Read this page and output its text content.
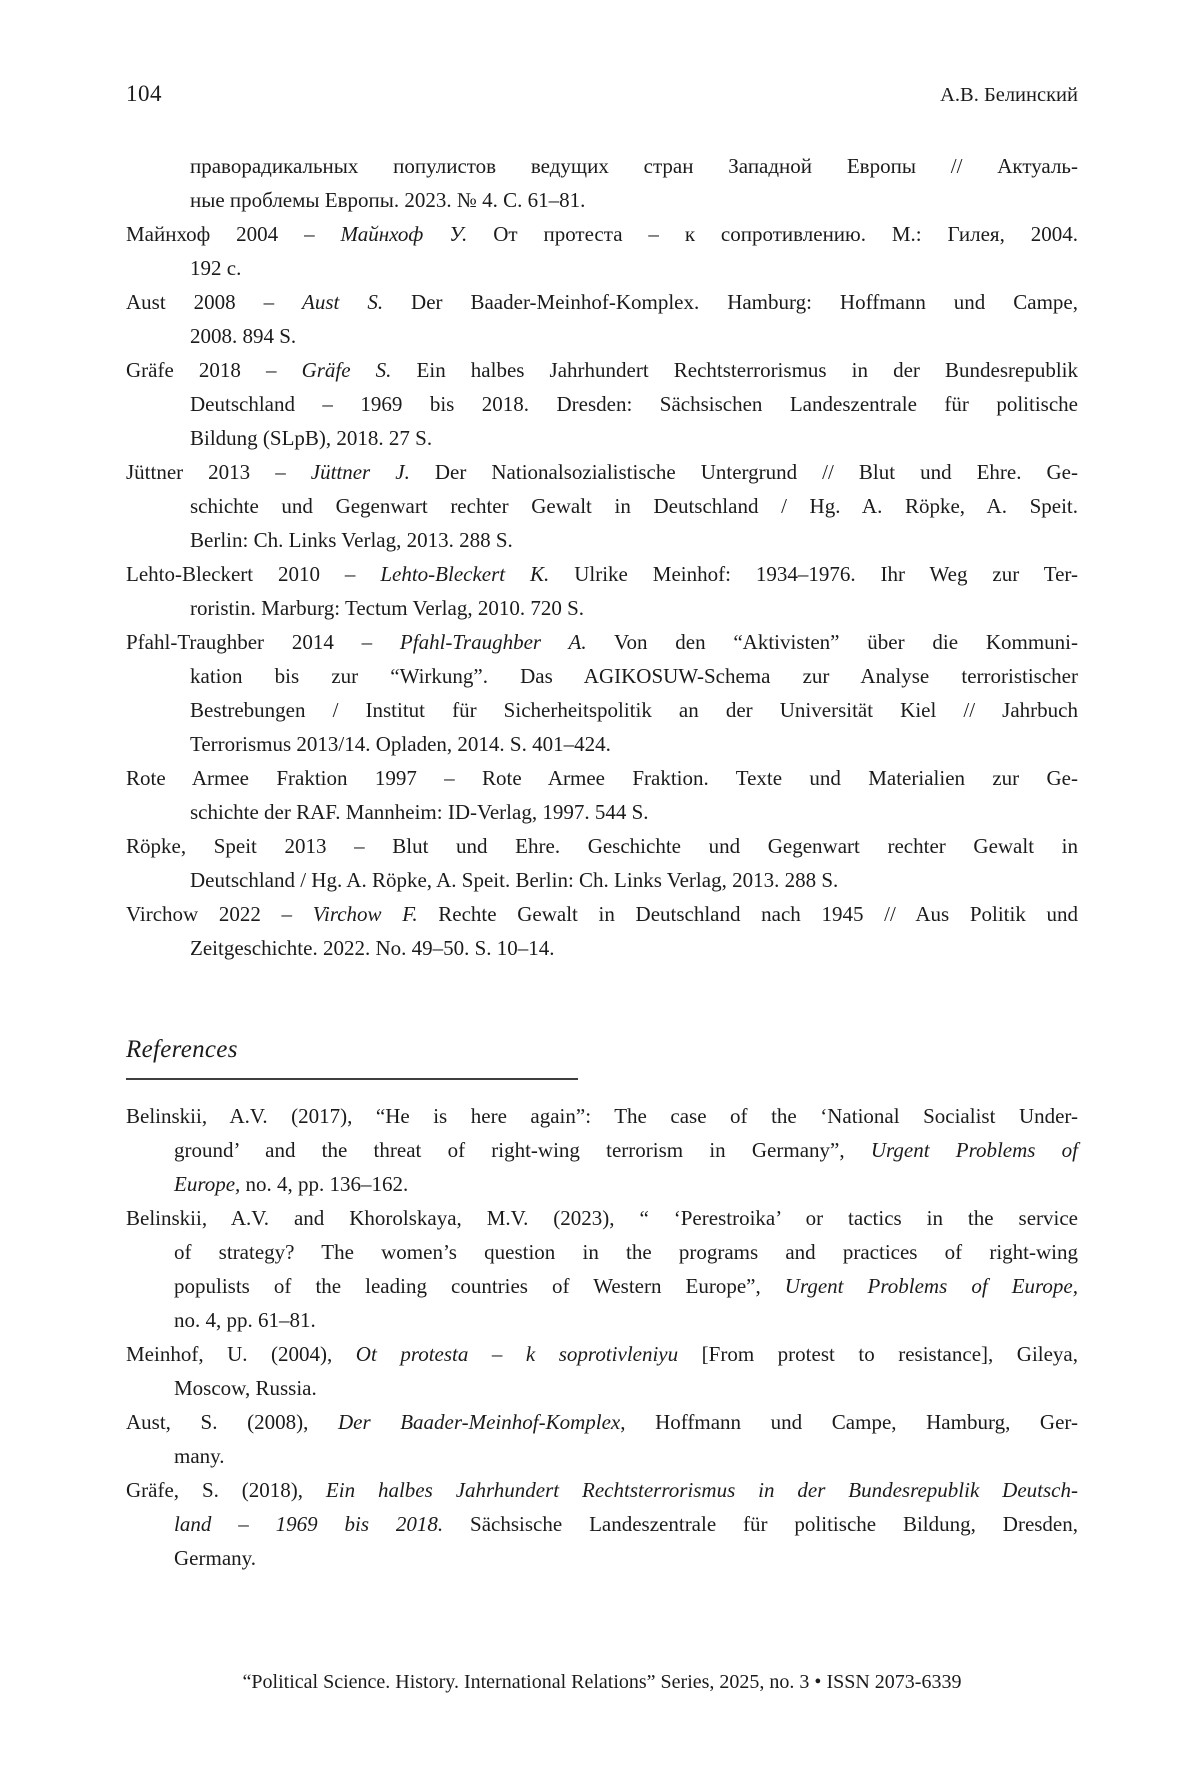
104	А.В. Белинский
праворадикальных популистов ведущих стран Западной Европы // Актуаль-
ные проблемы Европы. 2023. № 4. С. 61–81.
Майнхоф 2004 – Майнхоф У. От протеста – к сопротивлению. М.: Гилея, 2004.
192 с.
Aust 2008 – Aust S. Der Baader-Meinhof-Komplex. Hamburg: Hoffmann und Campe,
2008. 894 S.
Gräfe 2018 – Gräfe S. Ein halbes Jahrhundert Rechtsterrorismus in der Bundesrepublik
Deutschland – 1969 bis 2018. Dresden: Sächsischen Landeszentrale für politische
Bildung (SLpB), 2018. 27 S.
Jüttner 2013 – Jüttner J. Der Nationalsozialistische Untergrund // Blut und Ehre. Ge-
schichte und Gegenwart rechter Gewalt in Deutschland / Hg. A. Röpke, A. Speit.
Berlin: Ch. Links Verlag, 2013. 288 S.
Lehto-Bleckert 2010 – Lehto-Bleckert K. Ulrike Meinhof: 1934–1976. Ihr Weg zur Ter-
roristin. Marburg: Tectum Verlag, 2010. 720 S.
Pfahl-Traughber 2014 – Pfahl-Traughber A. Von den “Aktivisten” über die Kommuni-
kation bis zur “Wirkung”. Das AGIKOSUW-Schema zur Analyse terroristischer
Bestrebungen / Institut für Sicherheitspolitik an der Universität Kiel // Jahrbuch
Terrorismus 2013/14. Opladen, 2014. S. 401–424.
Rote Armee Fraktion 1997 – Rote Armee Fraktion. Texte und Materialien zur Ge-
schichte der RAF. Mannheim: ID-Verlag, 1997. 544 S.
Röpke, Speit 2013 – Blut und Ehre. Geschichte und Gegenwart rechter Gewalt in
Deutschland / Hg. A. Röpke, A. Speit. Berlin: Ch. Links Verlag, 2013. 288 S.
Virchow 2022 – Virchow F. Rechte Gewalt in Deutschland nach 1945 // Aus Politik und
Zeitgeschichte. 2022. No. 49–50. S. 10–14.
References
Belinskii, A.V. (2017), “He is here again”: The case of the ‘National Socialist Under-
ground’ and the threat of right-wing terrorism in Germany”, Urgent Problems of
Europe, no. 4, pp. 136–162.
Belinskii, A.V. and Khorolskaya, M.V. (2023), “ ‘Perestroika’ or tactics in the service
of strategy? The women’s question in the programs and practices of right-wing
populists of the leading countries of Western Europe”, Urgent Problems of Europe,
no. 4, pp. 61–81.
Meinhof, U. (2004), Ot protesta – k soprotivleniyu [From protest to resistance], Gileya,
Moscow, Russia.
Aust, S. (2008), Der Baader-Meinhof-Komplex, Hoffmann und Campe, Hamburg, Ger-
many.
Gräfe, S. (2018), Ein halbes Jahrhundert Rechtsterrorismus in der Bundesrepublik Deutsch-
land – 1969 bis 2018. Sächsische Landeszentrale für politische Bildung, Dresden,
Germany.
“Political Science. History. International Relations” Series, 2025, no. 3 • ISSN 2073-6339
